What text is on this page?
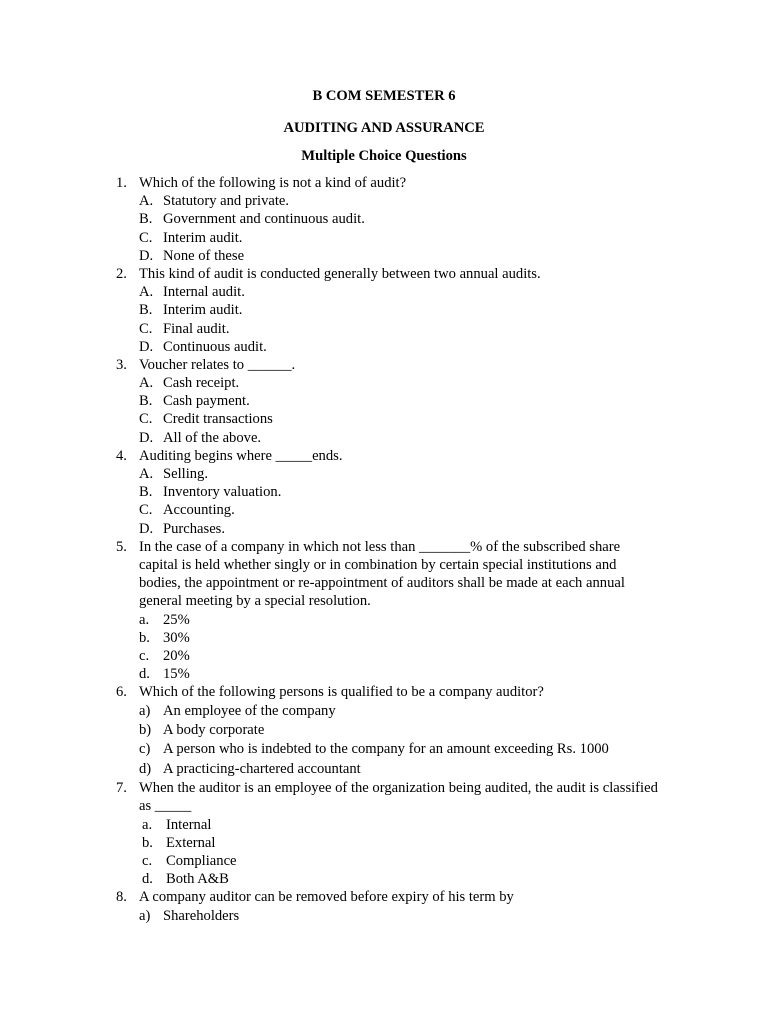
B COM SEMESTER 6
AUDITING AND ASSURANCE
Multiple Choice Questions
1. Which of the following is not a kind of audit?
A. Statutory and private.
B. Government and continuous audit.
C. Interim audit.
D. None of these
2. This kind of audit is conducted generally between two annual audits.
A. Internal audit.
B. Interim audit.
C. Final audit.
D. Continuous audit.
3. Voucher relates to ______.
A. Cash receipt.
B. Cash payment.
C. Credit transactions
D. All of the above.
4. Auditing begins where _____ends.
A. Selling.
B. Inventory valuation.
C. Accounting.
D. Purchases.
5. In the case of a company in which not less than _______% of the subscribed share capital is held whether singly or in combination by certain special institutions and bodies, the appointment or re-appointment of auditors shall be made at each annual general meeting by a special resolution.
a. 25%
b. 30%
c. 20%
d. 15%
6. Which of the following persons is qualified to be a company auditor?
a) An employee of the company
b) A body corporate
c) A person who is indebted to the company for an amount exceeding Rs. 1000
d) A practicing-chartered accountant
7. When the auditor is an employee of the organization being audited, the audit is classified as _____
a. Internal
b. External
c. Compliance
d. Both A&B
8. A company auditor can be removed before expiry of his term by
a) Shareholders
